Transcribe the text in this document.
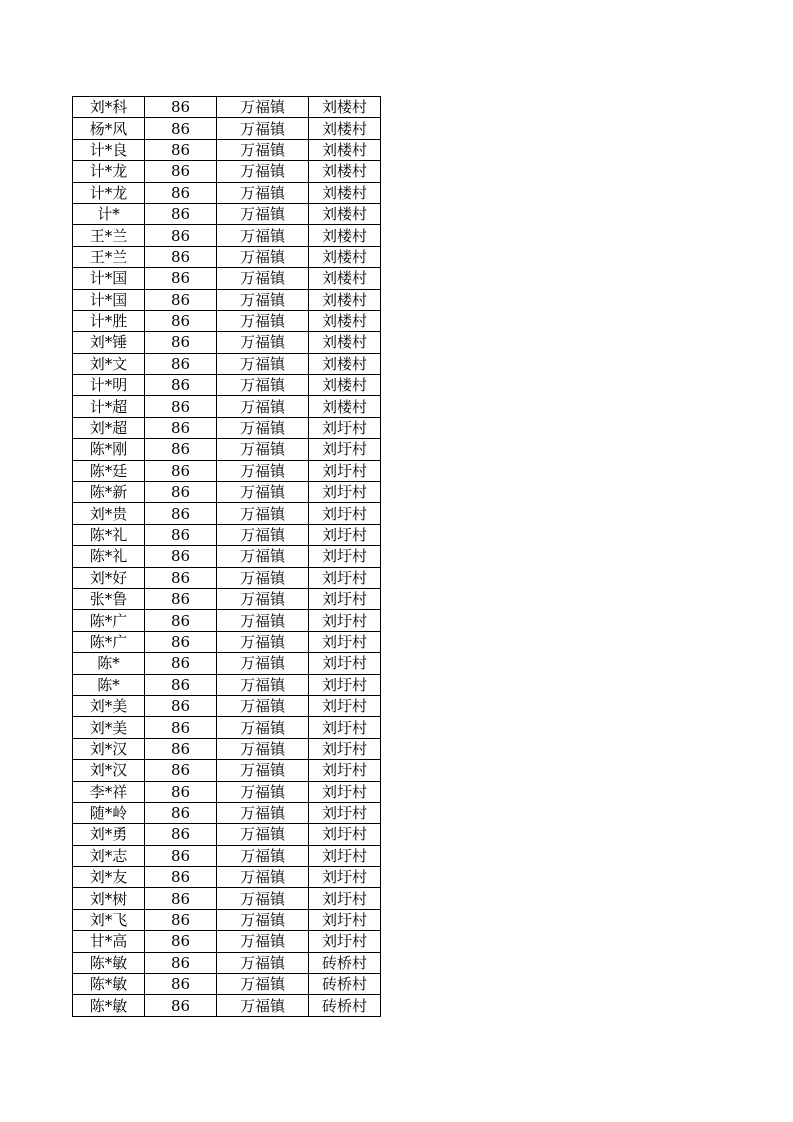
刘*科	86	万福镇	刘楼村
杨*风	86	万福镇	刘楼村
计*良	86	万福镇	刘楼村
计*龙	86	万福镇	刘楼村
计*龙	86	万福镇	刘楼村
计*	86	万福镇	刘楼村
王*兰	86	万福镇	刘楼村
王*兰	86	万福镇	刘楼村
计*国	86	万福镇	刘楼村
计*国	86	万福镇	刘楼村
计*胜	86	万福镇	刘楼村
刘*锤	86	万福镇	刘楼村
刘*文	86	万福镇	刘楼村
计*明	86	万福镇	刘楼村
计*超	86	万福镇	刘楼村
刘*超	86	万福镇	刘圩村
陈*刚	86	万福镇	刘圩村
陈*廷	86	万福镇	刘圩村
陈*新	86	万福镇	刘圩村
刘*贵	86	万福镇	刘圩村
陈*礼	86	万福镇	刘圩村
陈*礼	86	万福镇	刘圩村
刘*好	86	万福镇	刘圩村
张*鲁	86	万福镇	刘圩村
陈*广	86	万福镇	刘圩村
陈*广	86	万福镇	刘圩村
陈*	86	万福镇	刘圩村
陈*	86	万福镇	刘圩村
刘*美	86	万福镇	刘圩村
刘*美	86	万福镇	刘圩村
刘*汉	86	万福镇	刘圩村
刘*汉	86	万福镇	刘圩村
李*祥	86	万福镇	刘圩村
随*岭	86	万福镇	刘圩村
刘*勇	86	万福镇	刘圩村
刘*志	86	万福镇	刘圩村
刘*友	86	万福镇	刘圩村
刘*树	86	万福镇	刘圩村
刘*飞	86	万福镇	刘圩村
甘*高	86	万福镇	刘圩村
陈*敏	86	万福镇	砖桥村
陈*敏	86	万福镇	砖桥村
陈*敏	86	万福镇	砖桥村
